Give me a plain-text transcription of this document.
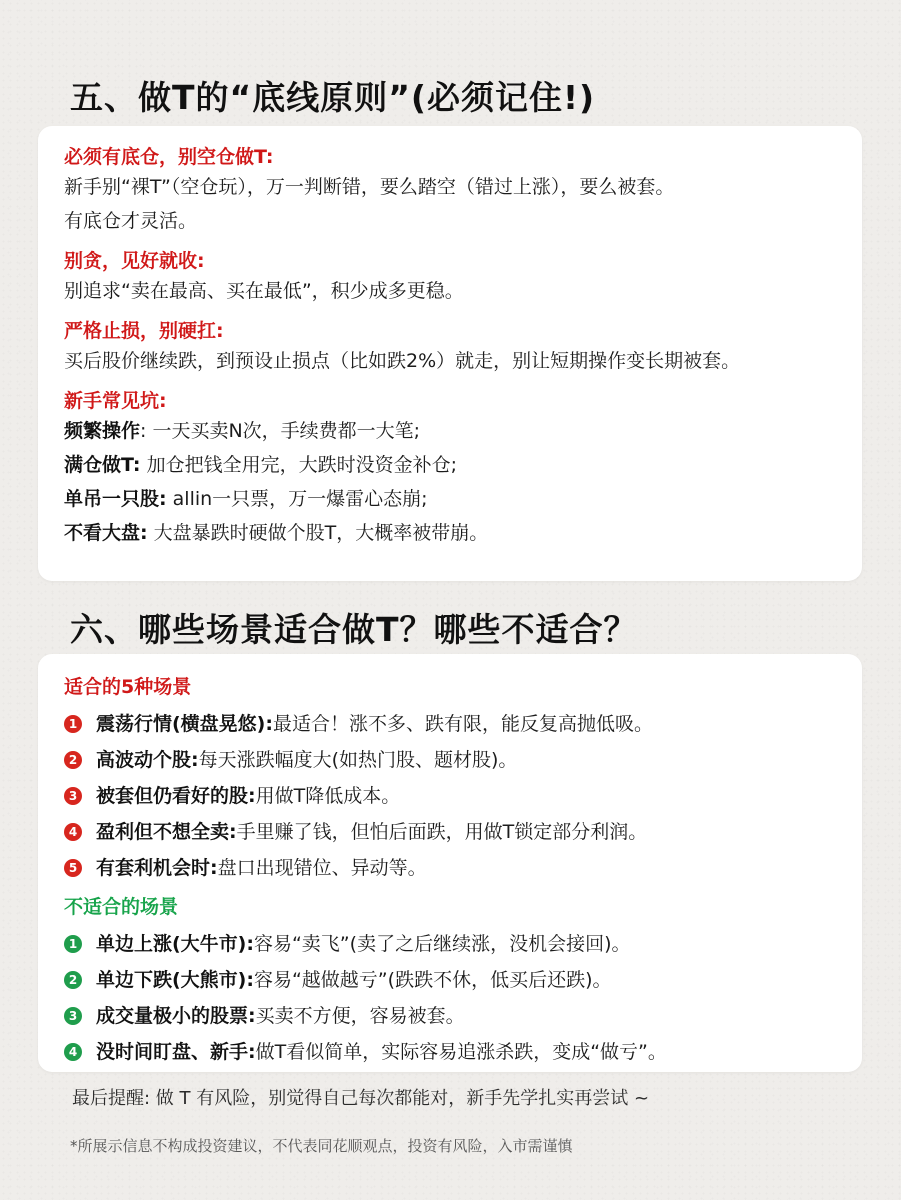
五、做T的“底线原则”(必须记住!)

必须有底仓，别空仓做T:

新手别“裸T”（空仓玩），万一判断错，要么踏空（错过上涨），要么被套。

有底仓才灵活。

别贪，见好就收:

别追求“卖在最高、买在最低”，积少成多更稳。

严格止损，别硬扛:

买后股价继续跌，到预设止损点（比如跌2%）就走，别让短期操作变长期被套。

新手常见坑:

频繁操作: 一天买卖N次，手续费都一大笔;

满仓做T: 加仓把钱全用完，大跌时没资金补仓;

单吊一只股: allin一只票，万一爆雷心态崩;

不看大盘: 大盘暴跌时硬做个股T，大概率被带崩。

六、哪些场景适合做T？哪些不适合？

适合的5种场景

1 震荡行情(横盘晃悠): 最适合！涨不多、跌有限，能反复高抛低吸。
2 高波动个股: 每天涨跌幅度大(如热门股、题材股)。
3 被套但仍看好的股: 用做T降低成本。
4 盈利但不想全卖: 手里赚了钱，但怕后面跌，用做T锁定部分利润。
5 有套利机会时: 盘口出现错位、异动等。

不适合的场景

1 单边上涨(大牛市): 容易“卖飞”(卖了之后继续涨，没机会接回)。
2 单边下跌(大熊市): 容易“越做越亏”(跌跌不休，低买后还跌)。
3 成交量极小的股票: 买卖不方便，容易被套。
4 没时间盯盘、新手: 做T看似简单，实际容易追涨杀跌，变成“做亏”。
最后提醒: 做 T 有风险，别觉得自己每次都能对，新手先学扎实再尝试 ~
*所展示信息不构成投资建议，不代表同花顺观点，投资有风险，入市需谨慎
